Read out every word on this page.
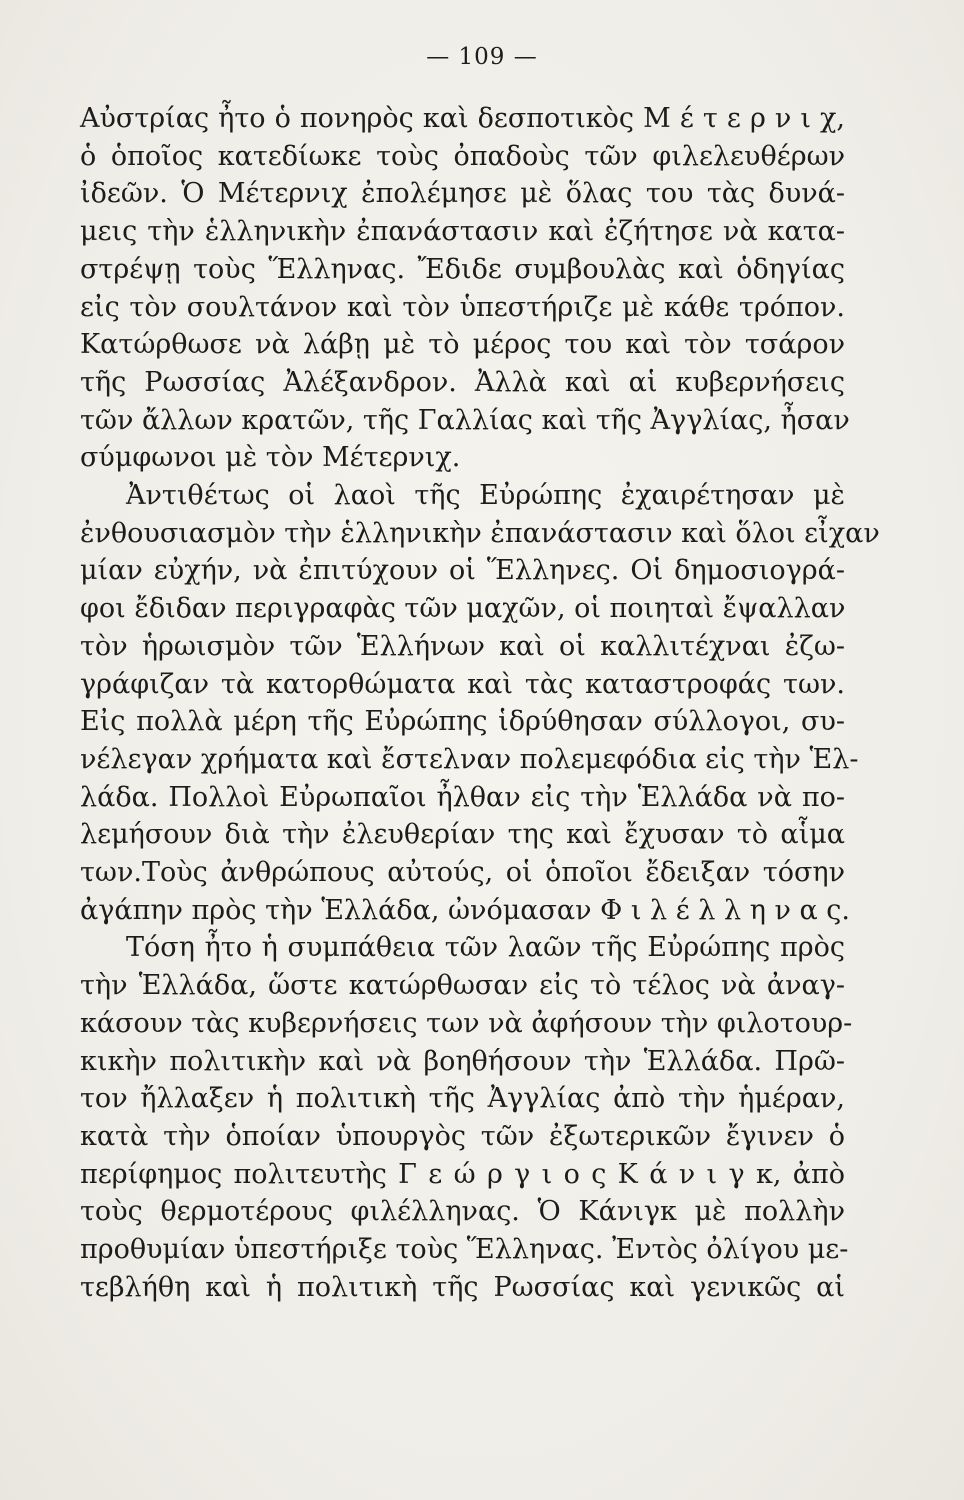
— 109 —
Αὐστρίας ἦτο ὁ πονηρὸς καὶ δεσποτικὸς Μ έ τ ε ρ ν ι χ,
ὁ ὁποῖος κατεδίωκε τοὺς ὀπαδοὺς τῶν φιλελευθέρων
ἰδεῶν. Ὁ Μέτερνιχ ἐπολέμησε μὲ ὅλας του τὰς δυνά-
μεις τὴν ἑλληνικὴν ἐπανάστασιν καὶ ἐζήτησε νὰ κατα-
στρέψῃ τοὺς Ἕλληνας. Ἔδιδε συμβουλὰς καὶ ὁδηγίας
εἰς τὸν σουλτάνον καὶ τὸν ὑπεστήριζε μὲ κάθε τρόπον.
Κατώρθωσε νὰ λάβῃ μὲ τὸ μέρος του καὶ τὸν τσάρον
τῆς Ρωσσίας Ἀλέξανδρον. Ἀλλὰ καὶ αἱ κυβερνήσεις
τῶν ἄλλων κρατῶν, τῆς Γαλλίας καὶ τῆς Ἀγγλίας, ἦσαν
σύμφωνοι μὲ τὸν Μέτερνιχ.
Ἀντιθέτως οἱ λαοὶ τῆς Εὐρώπης ἐχαιρέτησαν μὲ
ἐνθουσιασμὸν τὴν ἑλληνικὴν ἐπανάστασιν καὶ ὅλοι εἶχαν
μίαν εὐχήν, νὰ ἐπιτύχουν οἱ Ἕλληνες. Οἱ δημοσιογρά-
φοι ἔδιδαν περιγραφὰς τῶν μαχῶν, οἱ ποιηταὶ ἔψαλλαν
τὸν ἡρωισμὸν τῶν Ἑλλήνων καὶ οἱ καλλιτέχναι ἐζω-
γράφιζαν τὰ κατορθώματα καὶ τὰς καταστροφάς των.
Εἰς πολλὰ μέρη τῆς Εὐρώπης ἱδρύθησαν σύλλογοι, συ-
νέλεγαν χρήματα καὶ ἔστελναν πολεμεφόδια εἰς τὴν Ἑλ-
λάδα. Πολλοὶ Εὐρωπαῖοι ἦλθαν εἰς τὴν Ἑλλάδα νὰ πο-
λεμήσουν διὰ τὴν ἐλευθερίαν της καὶ ἔχυσαν τὸ αἷμα
των.Τοὺς ἀνθρώπους αὐτούς, οἱ ὁποῖοι ἔδειξαν τόσην
ἀγάπην πρὸς τὴν Ἑλλάδα, ὠνόμασαν Φ ι λ έ λ λ η ν α ς.
Τόση ἦτο ἡ συμπάθεια τῶν λαῶν τῆς Εὐρώπης πρὸς
τὴν Ἑλλάδα, ὥστε κατώρθωσαν εἰς τὸ τέλος νὰ ἀναγ-
κάσουν τὰς κυβερνήσεις των νὰ ἀφήσουν τὴν φιλοτουρ-
κικὴν πολιτικὴν καὶ νὰ βοηθήσουν τὴν Ἑλλάδα. Πρῶ-
τον ἤλλαξεν ἡ πολιτικὴ τῆς Ἀγγλίας ἀπὸ τὴν ἡμέραν,
κατὰ τὴν ὁποίαν ὑπουργὸς τῶν ἐξωτερικῶν ἔγινεν ὁ
περίφημος πολιτευτὴς Γ ε ώ ρ γ ι ο ς Κ ά ν ι γ κ, ἀπὸ
τοὺς θερμοτέρους φιλέλληνας. Ὁ Κάνιγκ μὲ πολλὴν
προθυμίαν ὑπεστήριξε τοὺς Ἕλληνας. Ἐντὸς ὀλίγου με-
τεβλήθη καὶ ἡ πολιτικὴ τῆς Ρωσσίας καὶ γενικῶς αἱ
